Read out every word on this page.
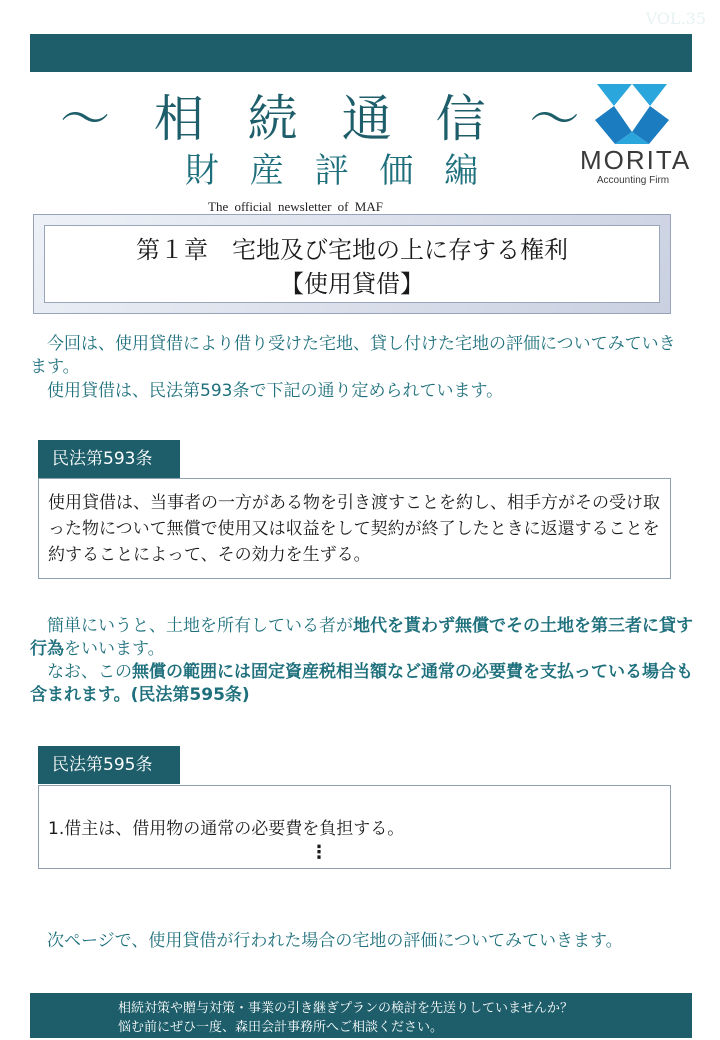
VOL.35
～ 相 続 通 信 ～
財 産 評 価 編
The official newsletter of MAF
MORITA
Accounting Firm
第１章　宅地及び宅地の上に存する権利
【使用貸借】
　今回は、使用貸借により借り受けた宅地、貸し付けた宅地の評価についてみていきます。
　使用貸借は、民法第593条で下記の通り定められています。
民法第593条
使用貸借は、当事者の一方がある物を引き渡すことを約し、相手方がその受け取った物について無償で使用又は収益をして契約が終了したときに返還することを約することによって、その効力を生ずる。
　簡単にいうと、土地を所有している者が地代を貰わず無償でその土地を第三者に貸す行為をいいます。
　なお、この無償の範囲には固定資産税相当額など通常の必要費を支払っている場合も含まれます。(民法第595条)
民法第595条
1.借主は、借用物の通常の必要費を負担する。
⋮
　次ページで、使用貸借が行われた場合の宅地の評価についてみていきます。
相続対策や贈与対策・事業の引き継ぎプランの検討を先送りしていませんか？
悩む前にぜひ一度、森田会計事務所へご相談ください。
